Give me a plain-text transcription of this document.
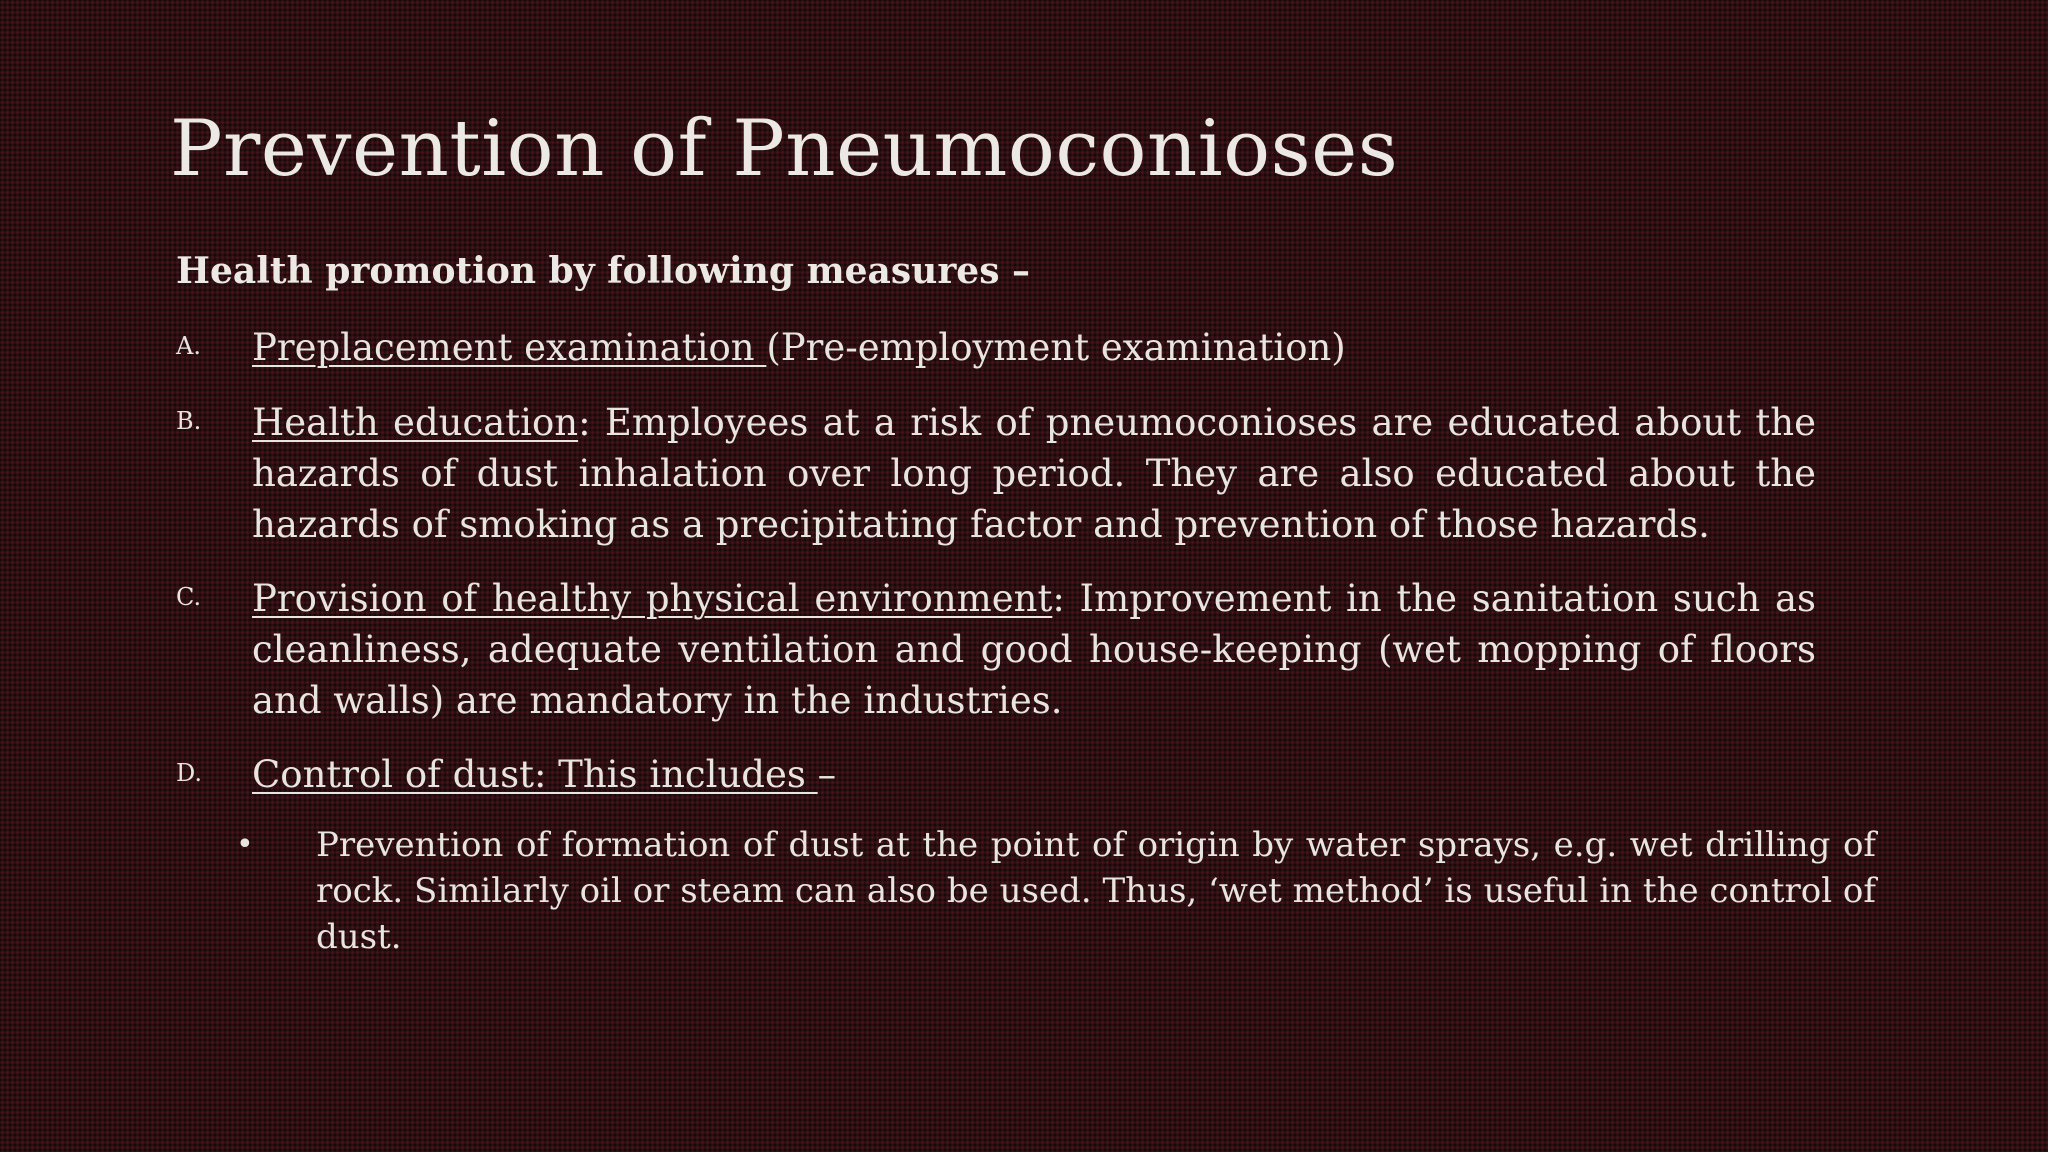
Prevention of Pneumoconioses

Health promotion by following measures –

A. Preplacement examination (Pre-employment examination)
B. Health education: Employees at a risk of pneumoconioses are educated about the hazards of dust inhalation over long period. They are also educated about the hazards of smoking as a precipitating factor and prevention of those hazards.
C. Provision of healthy physical environment: Improvement in the sanitation such as cleanliness, adequate ventilation and good house-keeping (wet mopping of floors and walls) are mandatory in the industries.
D. Control of dust: This includes –
• Prevention of formation of dust at the point of origin by water sprays, e.g. wet drilling of rock. Similarly oil or steam can also be used. Thus, ‘wet method’ is useful in the control of dust.
